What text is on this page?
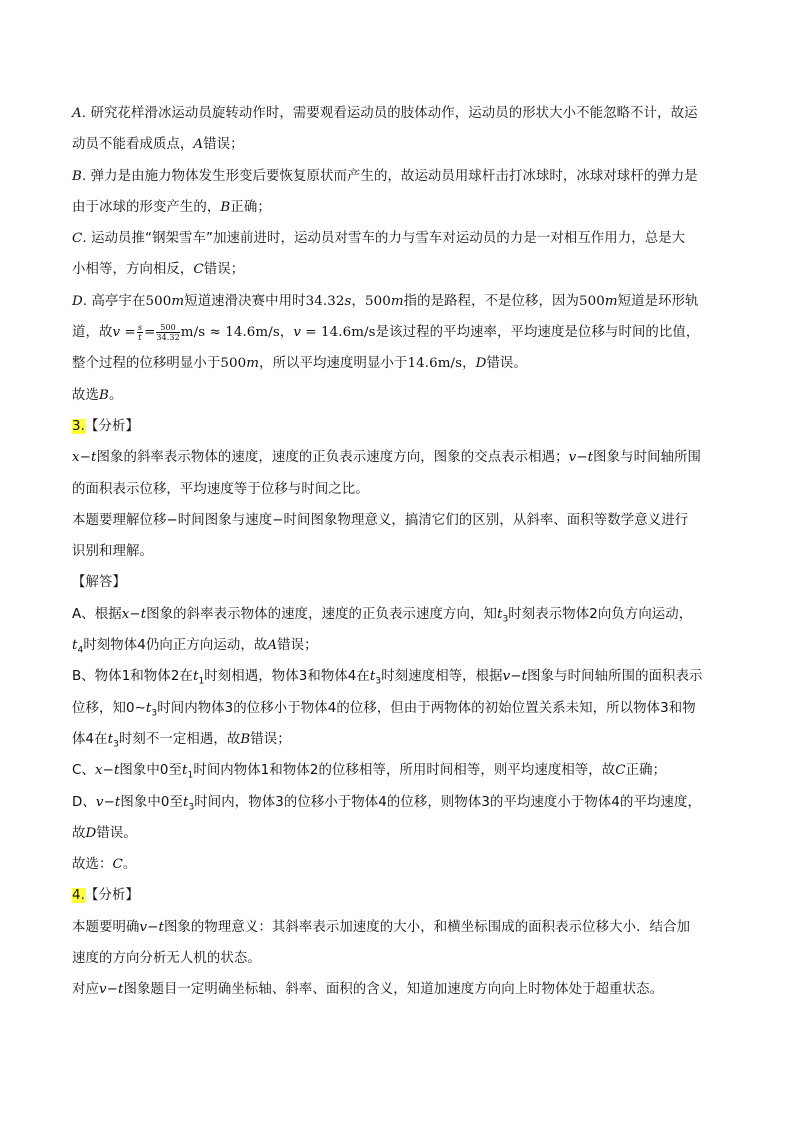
A. 研究花样滑冰运动员旋转动作时，需要观看运动员的肢体动作，运动员的形状大小不能忽略不计，故运
动员不能看成质点，A错误；
B. 弹力是由施力物体发生形变后要恢复原状而产生的，故运动员用球杆击打冰球时，冰球对球杆的弹力是
由于冰球的形变产生的，B正确；
C. 运动员推“钢架雪车”加速前进时，运动员对雪车的力与雪车对运动员的力是一对相互作用力，总是大
小相等，方向相反，C错误；
D. 高亭宇在500m短道速滑决赛中用时34.32s，500m指的是路程，不是位移，因为500m短道是环形轨
道，故$v = \frac{s}{t} = \frac{500}{34.32} m/s \approx 14.6m/s$，v = 14.6m/s是该过程的平均速率，平均速度是位移与时间的比值，
整个过程的位移明显小于500m，所以平均速度明显小于14.6m/s，D错误。
故选B。
3.【分析】
x−t图象的斜率表示物体的速度，速度的正负表示速度方向，图象的交点表示相遇；v−t图象与时间轴所围
的面积表示位移，平均速度等于位移与时间之比。
本题要理解位移−时间图象与速度−时间图象物理意义，搞清它们的区别，从斜率、面积等数学意义进行
识别和理解。
【解答】
A、根据x−t图象的斜率表示物体的速度，速度的正负表示速度方向，知$t_3$时刻表示物体2向负方向运动，
$t_4$时刻物体4仍向正方向运动，故A错误；
B、物体1和物体2在$t_1$时刻相遇，物体3和物体4在$t_3$时刻速度相等，根据v−t图象与时间轴所围的面积表示
位移，知$0\sim t_3$时间内物体3的位移小于物体4的位移，但由于两物体的初始位置关系未知，所以物体3和物
体4在$t_3$时刻不一定相遇，故B错误；
C、x−t图象中0至$t_1$时间内物体1和物体2的位移相等，所用时间相等，则平均速度相等，故C正确；
D、v−t图象中0至$t_3$时间内，物体3的位移小于物体4的位移，则物体3的平均速度小于物体4的平均速度，
故D错误。
故选：C。
4.【分析】
本题要明确v−t图象的物理意义：其斜率表示加速度的大小，和横坐标围成的面积表示位移大小．结合加
速度的方向分析无人机的状态。
对应v−t图象题目一定明确坐标轴、斜率、面积的含义，知道加速度方向向上时物体处于超重状态。
